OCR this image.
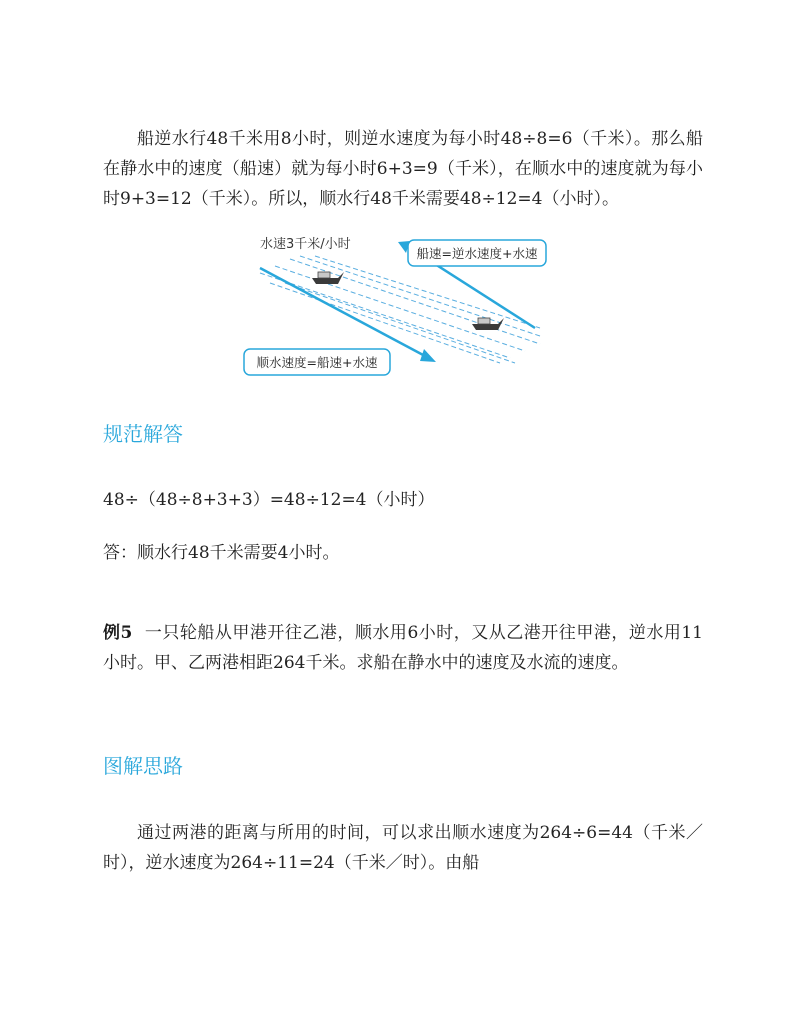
船逆水行48千米用8小时，则逆水速度为每小时48÷8=6（千米）。那么船在静水中的速度（船速）就为每小时6+3=9（千米），在顺水中的速度就为每小时9+3=12（千米）。所以，顺水行48千米需要48÷12=4（小时）。

水速3千米/小时
船速=逆水速度+水速
顺水速度=船速+水速
规范解答

48÷（48÷8+3+3）=48÷12=4（小时）

答：顺水行48千米需要4小时。

例5 一只轮船从甲港开往乙港，顺水用6小时，又从乙港开往甲港，逆水用11小时。甲、乙两港相距264千米。求船在静水中的速度及水流的速度。

图解思路

通过两港的距离与所用的时间，可以求出顺水速度为264÷6=44（千米／时），逆水速度为264÷11=24（千米／时）。由船
